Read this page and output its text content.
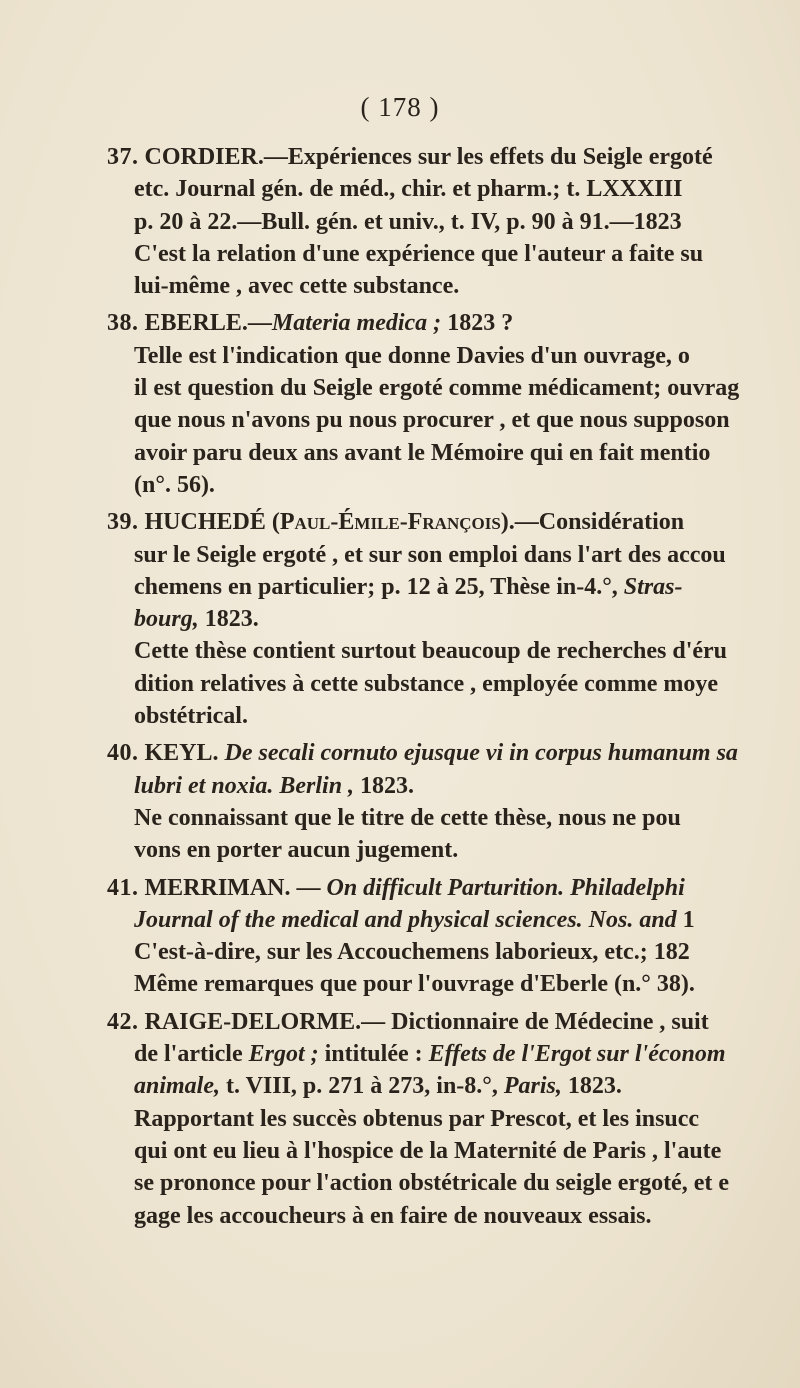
( 178 )

37. CORDIER.—Expériences sur les effets du Seigle ergoté

etc. Journal gén. de méd., chir. et pharm.; t. LXXXIII

p. 20 à 22.—Bull. gén. et univ., t. IV, p. 90 à 91.—1823

C'est la relation d'une expérience que l'auteur a faite su

lui-même , avec cette substance.

38. EBERLE.—Materia medica ; 1823 ?

Telle est l'indication que donne Davies d'un ouvrage, o

il est question du Seigle ergoté comme médicament; ouvrag

que nous n'avons pu nous procurer , et que nous supposon

avoir paru deux ans avant le Mémoire qui en fait mentio

(n°. 56).

39. HUCHEDÉ (Paul-Émile-François).—Considération

sur le Seigle ergoté , et sur son emploi dans l'art des accou

chemens en particulier; p. 12 à 25, Thèse in-4.°, Stras-

bourg, 1823.

Cette thèse contient surtout beaucoup de recherches d'éru

dition relatives à cette substance , employée comme moye

obstétrical.

40. KEYL. De secali cornuto ejusque vi in corpus humanum sa

lubri et noxia. Berlin , 1823.

Ne connaissant que le titre de cette thèse, nous ne pou

vons en porter aucun jugement.

41. MERRIMAN. — On difficult Parturition. Philadelphi

Journal of the medical and physical sciences. Nos. and 1

C'est-à-dire, sur les Accouchemens laborieux, etc.; 182

Même remarques que pour l'ouvrage d'Eberle (n.° 38).

42. RAIGE-DELORME.— Dictionnaire de Médecine , suit

de l'article Ergot ; intitulée : Effets de l'Ergot sur l'économ

animale, t. VIII, p. 271 à 273, in-8.°, Paris, 1823.

Rapportant les succès obtenus par Prescot, et les insucc

qui ont eu lieu à l'hospice de la Maternité de Paris , l'aute

se prononce pour l'action obstétricale du seigle ergoté, et e

gage les accoucheurs à en faire de nouveaux essais.
